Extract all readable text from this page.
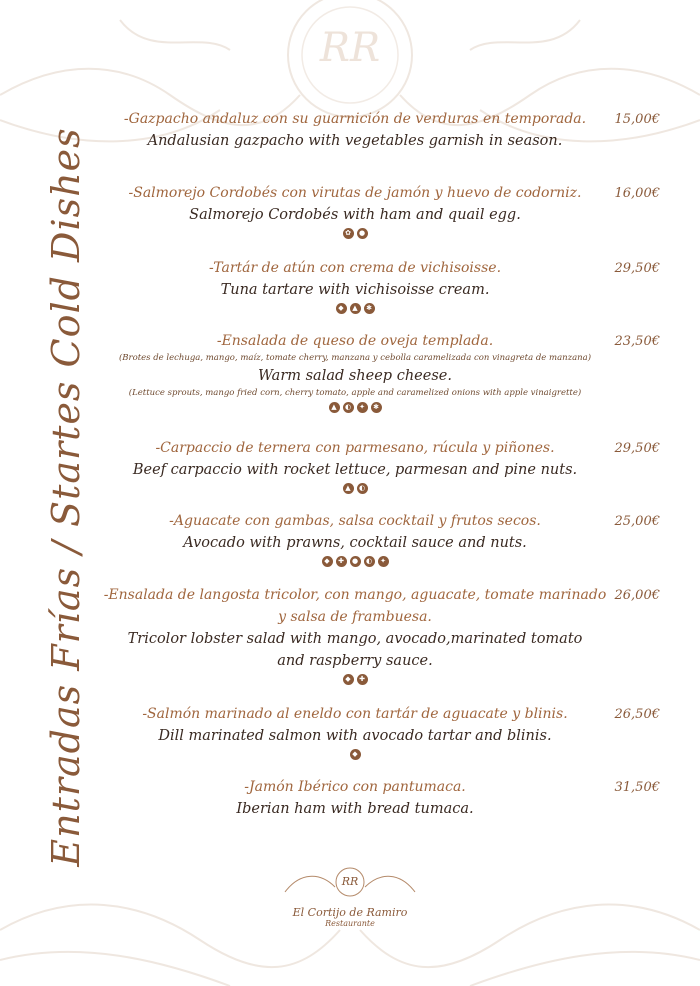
RR
Entradas Frías / Startes Cold Dishes
-Gazpacho andaluz con su guarnición de verduras en temporada.
Andalusian gazpacho with vegetables garnish in season.
15,00€
-Salmorejo Cordobés con virutas de jamón y huevo de codorniz.
Salmorejo Cordobés with ham and quail egg.
✿	●
16,00€
-Tartár de atún con crema de vichisoisse.
Tuna tartare with vichisoisse cream.
◆	▲	✱
29,50€
-Ensalada de queso de oveja templada.
(Brotes de lechuga, mango, maíz, tomate cherry, manzana y cebolla caramelizada con vinagreta de manzana)
Warm salad sheep cheese.
(Lettuce sprouts, mango fried corn, cherry tomato, apple and caramelized onions with apple vinaigrette)
▲	◐	✦	✱
23,50€
-Carpaccio de ternera con parmesano, rúcula y piñones.
Beef carpaccio with rocket lettuce, parmesan and pine nuts.
▲	◐
29,50€
-Aguacate con gambas, salsa cocktail y frutos secos.
Avocado with prawns, cocktail sauce and nuts.
◆	✚	●	◐	✦
25,00€
-Ensalada de langosta tricolor, con mango, aguacate, tomate marinado
y salsa de frambuesa.
Tricolor lobster salad with mango, avocado,marinated tomato
and raspberry sauce.
◆	✚
26,00€
-Salmón marinado al eneldo con tartár de aguacate y blinis.
Dill marinated salmon with avocado tartar and blinis.
◆
26,50€
-Jamón Ibérico con pantumaca.
Iberian ham with bread tumaca.
31,50€
RR
El Cortijo de Ramiro
Restaurante
